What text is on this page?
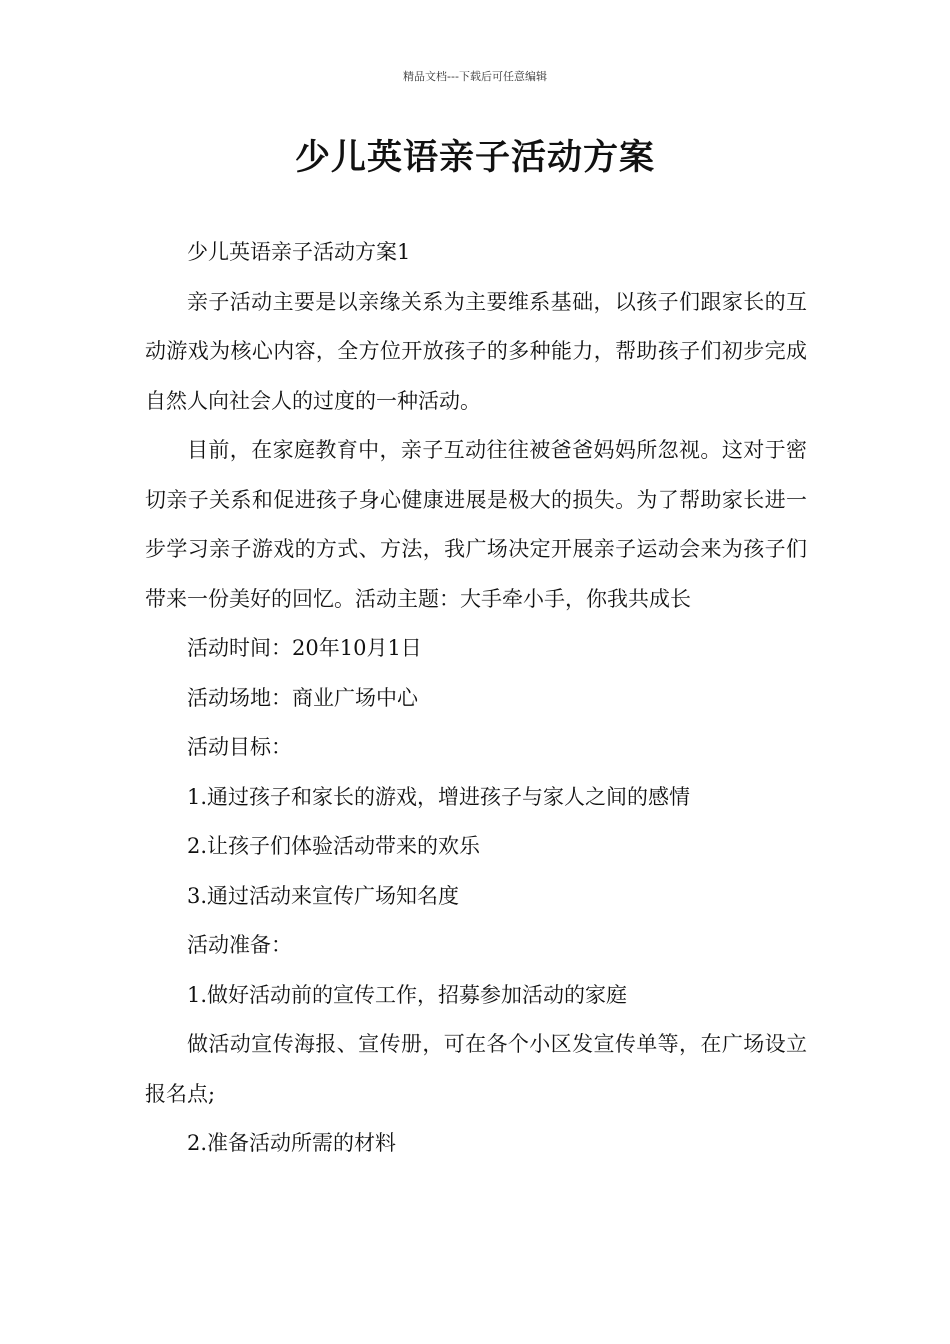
精品文档---下载后可任意编辑
少儿英语亲子活动方案

少儿英语亲子活动方案1

亲子活动主要是以亲缘关系为主要维系基础，以孩子们跟家长的互动游戏为核心内容，全方位开放孩子的多种能力，帮助孩子们初步完成自然人向社会人的过度的一种活动。

目前，在家庭教育中，亲子互动往往被爸爸妈妈所忽视。这对于密切亲子关系和促进孩子身心健康进展是极大的损失。为了帮助家长进一步学习亲子游戏的方式、方法，我广场决定开展亲子运动会来为孩子们带来一份美好的回忆。活动主题：大手牵小手，你我共成长

活动时间：20年10月1日

活动场地：商业广场中心

活动目标：

1.通过孩子和家长的游戏，增进孩子与家人之间的感情

2.让孩子们体验活动带来的欢乐

3.通过活动来宣传广场知名度

活动准备：

1.做好活动前的宣传工作，招募参加活动的家庭

做活动宣传海报、宣传册，可在各个小区发宣传单等，在广场设立报名点;

2.准备活动所需的材料
